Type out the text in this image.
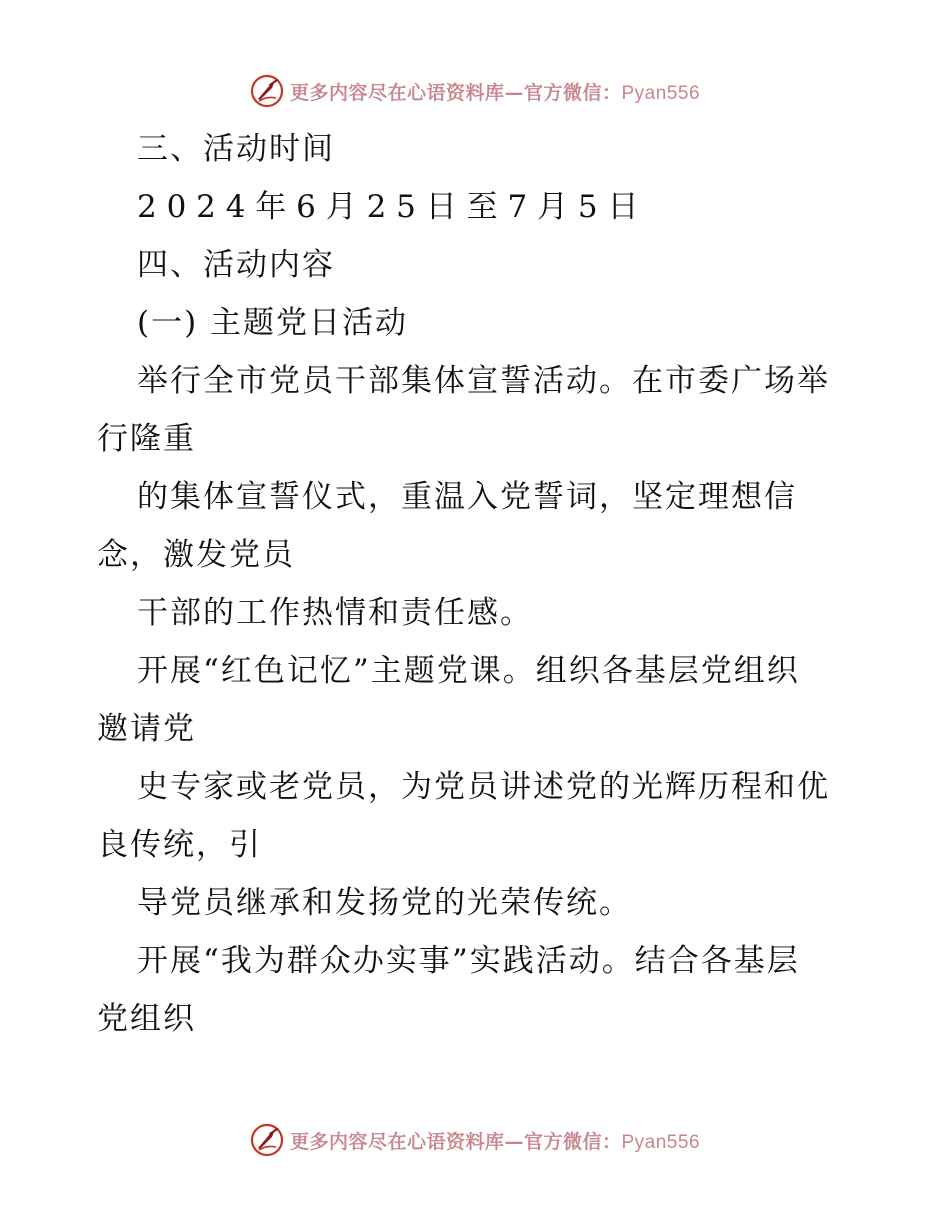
更多内容尽在心语资料库—官方微信：Pyan556
三、活动时间
2 0 2 4 年 6 月 2 5 日 至 7 月 5 日
四、活动内容
(一) 主题党日活动
举行全市党员干部集体宣誓活动。在市委广场举
行隆重
的集体宣誓仪式，重温入党誓词，坚定理想信
念，激发党员
干部的工作热情和责任感。
开展“红色记忆”主题党课。组织各基层党组织
邀请党
史专家或老党员，为党员讲述党的光辉历程和优
良传统，引
导党员继承和发扬党的光荣传统。
开展“我为群众办实事”实践活动。结合各基层
党组织
更多内容尽在心语资料库—官方微信：Pyan556
